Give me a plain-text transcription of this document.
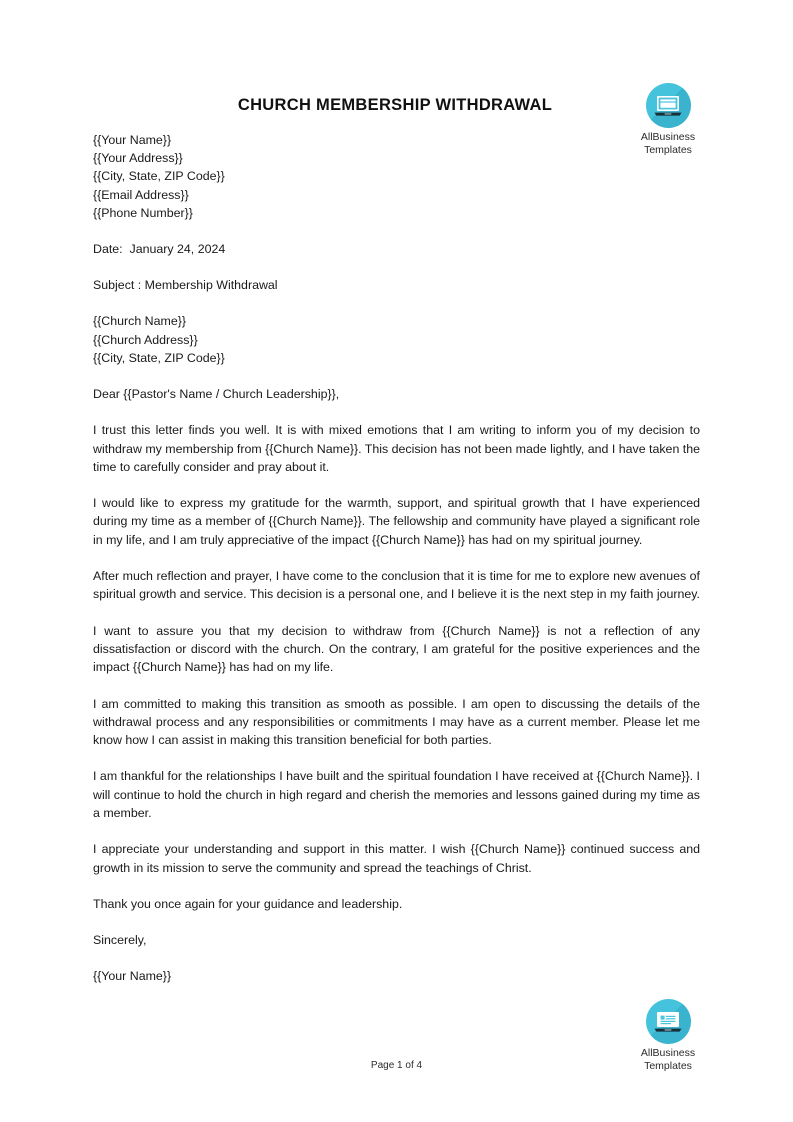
CHURCH MEMBERSHIP WITHDRAWAL
AllBusiness
Templates
AllBusiness
Templates
{{Your Name}}
{{Your Address}}
{{City, State, ZIP Code}}
{{Email Address}}
{{Phone Number}}
Date:  January 24, 2024
Subject : Membership Withdrawal
{{Church Name}}
{{Church Address}}
{{City, State, ZIP Code}}
Dear {{Pastor's Name / Church Leadership}},

I trust this letter finds you well. It is with mixed emotions that I am writing to inform you of my decision to withdraw my membership from {{Church Name}}. This decision has not been made lightly, and I have taken the time to carefully consider and pray about it.

I would like to express my gratitude for the warmth, support, and spiritual growth that I have experienced during my time as a member of {{Church Name}}. The fellowship and community have played a significant role in my life, and I am truly appreciative of the impact {{Church Name}} has had on my spiritual journey.

After much reflection and prayer, I have come to the conclusion that it is time for me to explore new avenues of spiritual growth and service. This decision is a personal one, and I believe it is the next step in my faith journey.

I want to assure you that my decision to withdraw from {{Church Name}} is not a reflection of any dissatisfaction or discord with the church. On the contrary, I am grateful for the positive experiences and the impact {{Church Name}} has had on my life.

I am committed to making this transition as smooth as possible. I am open to discussing the details of the withdrawal process and any responsibilities or commitments I may have as a current member. Please let me know how I can assist in making this transition beneficial for both parties.

I am thankful for the relationships I have built and the spiritual foundation I have received at {{Church Name}}. I will continue to hold the church in high regard and cherish the memories and lessons gained during my time as a member.

I appreciate your understanding and support in this matter. I wish {{Church Name}} continued success and growth in its mission to serve the community and spread the teachings of Christ.

Thank you once again for your guidance and leadership.
Sincerely,
{{Your Name}}
Page 1 of 4
